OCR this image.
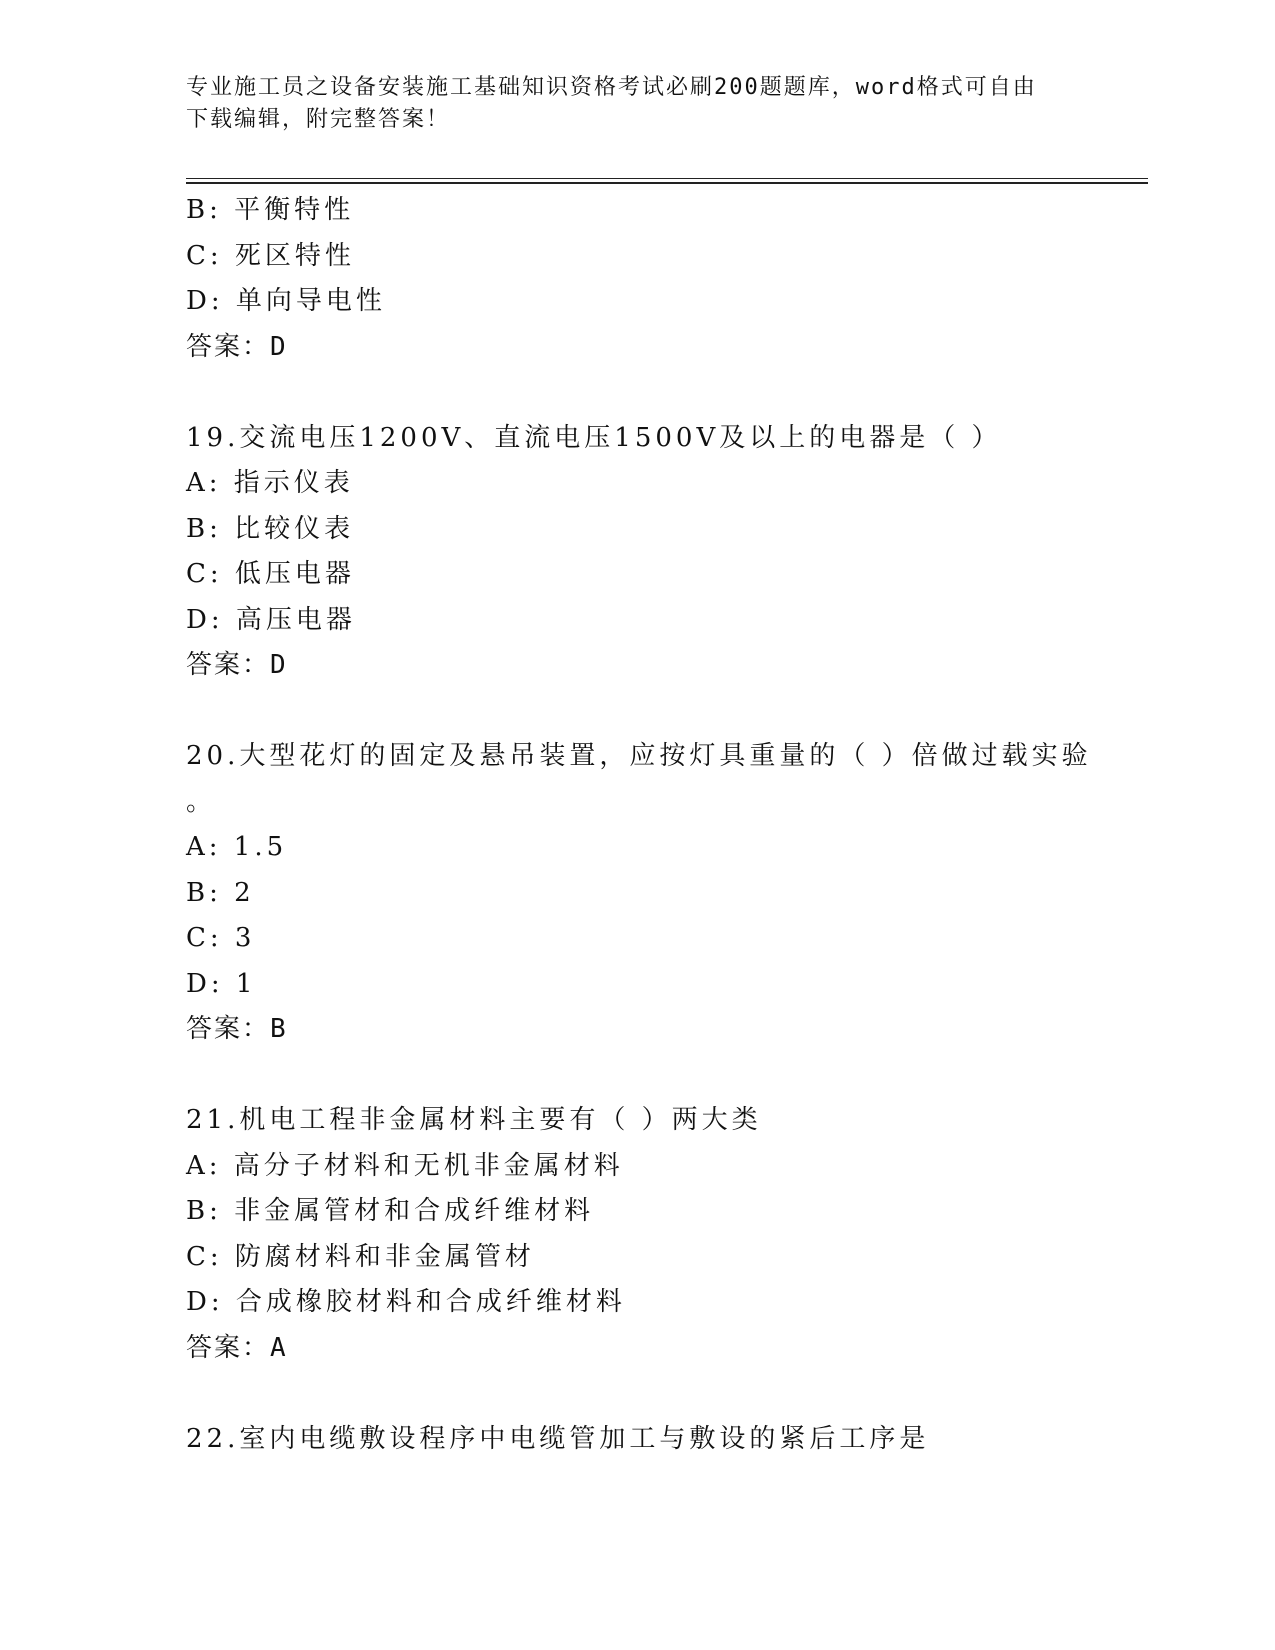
专业施工员之设备安装施工基础知识资格考试必刷200题题库，word格式可自由
下载编辑，附完整答案！
B: 平衡特性
C: 死区特性
D: 单向导电性
答案：D
19.交流电压1200V、直流电压1500V及以上的电器是（ ）
A: 指示仪表
B: 比较仪表
C: 低压电器
D: 高压电器
答案：D
20.大型花灯的固定及悬吊装置，应按灯具重量的（ ）倍做过载实验
。
A: 1.5
B: 2
C: 3
D: 1
答案：B
21.机电工程非金属材料主要有（ ）两大类
A: 高分子材料和无机非金属材料
B: 非金属管材和合成纤维材料
C: 防腐材料和非金属管材
D: 合成橡胶材料和合成纤维材料
答案：A
22.室内电缆敷设程序中电缆管加工与敷设的紧后工序是
